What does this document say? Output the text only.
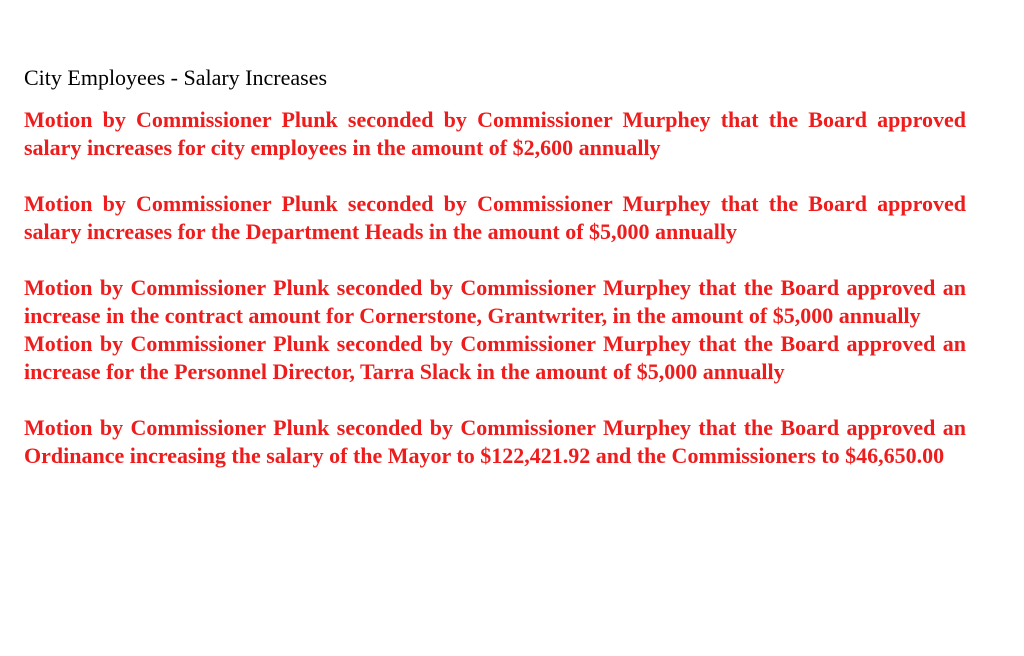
City Employees - Salary Increases

Motion by Commissioner Plunk seconded by Commissioner Murphey that the Board approved salary increases for city employees in the amount of $2,600 annually

Motion by Commissioner Plunk seconded by Commissioner Murphey that the Board approved salary increases for the Department Heads in the amount of $5,000 annually

Motion by Commissioner Plunk seconded by Commissioner Murphey that the Board approved an increase in the contract amount for Cornerstone, Grantwriter, in the amount of $5,000 annually

Motion by Commissioner Plunk seconded by Commissioner Murphey that the Board approved an increase for the Personnel Director, Tarra Slack in the amount of $5,000 annually

Motion by Commissioner Plunk seconded by Commissioner Murphey that the Board approved an Ordinance increasing the salary of the Mayor to $122,421.92 and the Commissioners to $46,650.00
